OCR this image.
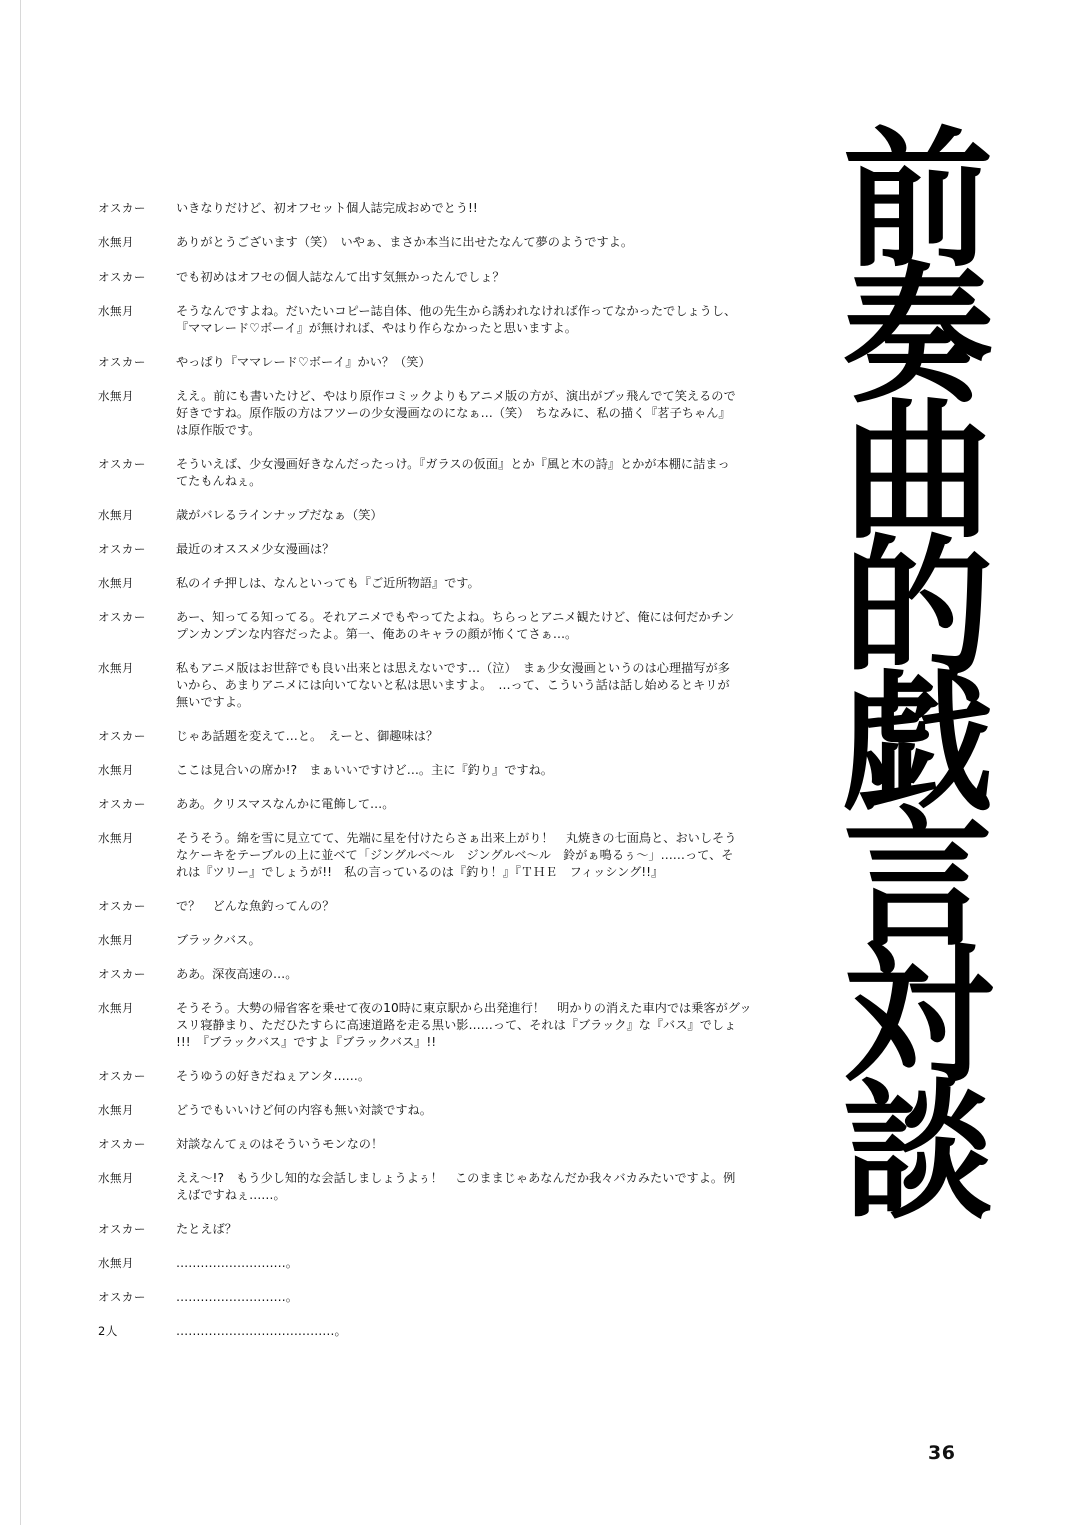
オスカー	いきなりだけど、初オフセット個人誌完成おめでとう!!

水無月	ありがとうございます（笑）　いやぁ、まさか本当に出せたなんて夢のようですよ。

オスカー	でも初めはオフセの個人誌なんて出す気無かったんでしょ？

水無月	そうなんですよね。だいたいコピー誌自体、他の先生から誘われなければ作ってなかったでしょうし、
『ママレード♡ボーイ』が無ければ、やはり作らなかったと思いますよ。

オスカー	やっぱり『ママレード♡ボーイ』かい？（笑）

水無月	ええ。前にも書いたけど、やはり原作コミックよりもアニメ版の方が、演出がブッ飛んでて笑えるので
好きですね。原作版の方はフツーの少女漫画なのになぁ…（笑）　ちなみに、私の描く『茗子ちゃん』
は原作版です。

オスカー	そういえば、少女漫画好きなんだったっけ。『ガラスの仮面』とか『風と木の詩』とかが本棚に詰まっ
てたもんねぇ。

水無月	歳がバレるラインナップだなぁ（笑）

オスカー	最近のオススメ少女漫画は？

水無月	私のイチ押しは、なんといっても『ご近所物語』です。

オスカー	あー、知ってる知ってる。それアニメでもやってたよね。ちらっとアニメ観たけど、俺には何だかチン
プンカンプンな内容だったよ。第一、俺あのキャラの顔が怖くてさぁ…。

水無月	私もアニメ版はお世辞でも良い出来とは思えないです…（泣）　まぁ少女漫画というのは心理描写が多
いから、あまりアニメには向いてないと私は思いますよ。　…って、こういう話は話し始めるとキリが
無いですよ。

オスカー	じゃあ話題を変えて…と。　えーと、御趣味は？

水無月	ここは見合いの席か!?　まぁいいですけど…。主に『釣り』ですね。

オスカー	ああ。クリスマスなんかに電飾して…。

水無月	そうそう。綿を雪に見立てて、先端に星を付けたらさぁ出来上がり！　丸焼きの七面鳥と、おいしそう
なケーキをテーブルの上に並べて「ジングルベ～ル　ジングルベ～ル　鈴がぁ鳴るぅ～」……って、そ
れは『ツリー』でしょうが!!　私の言っているのは『釣り！』『ＴＨＥ　フィッシング!!』

オスカー	で？　どんな魚釣ってんの？

水無月	ブラックバス。

オスカー	ああ。深夜高速の…。

水無月	そうそう。大勢の帰省客を乗せて夜の10時に東京駅から出発進行！　明かりの消えた車内では乗客がグッ
スリ寝静まり、ただひたすらに高速道路を走る黒い影……って、それは『ブラック』な『バス』でしょ
!!!　『ブラックバス』ですよ『ブラックバス』!!

オスカー	そうゆうの好きだねぇアンタ……。

水無月	どうでもいいけど何の内容も無い対談ですね。

オスカー	対談なんてぇのはそういうモンなの！

水無月	ええ～!?　もう少し知的な会話しましょうよぅ！　このままじゃあなんだか我々バカみたいですよ。例
えばですねぇ……。

オスカー	たとえば？

水無月	………………………。

オスカー	………………………。

2人	…………………………………。

前奏曲的戯言対談
36
